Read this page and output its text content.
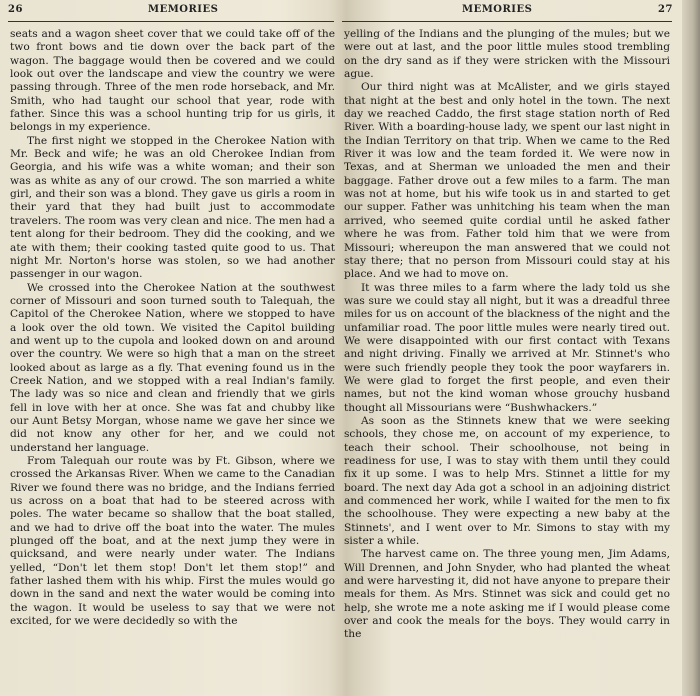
26	MEMORIES

seats and a wagon sheet cover that we could take off of the two front bows and tie down over the back part of the wagon. The baggage would then be covered and we could look out over the landscape and view the country we were passing through. Three of the men rode horseback, and Mr. Smith, who had taught our school that year, rode with father. Since this was a school hunting trip for us girls, it belongs in my experience.

The first night we stopped in the Cherokee Nation with Mr. Beck and wife; he was an old Cherokee Indian from Georgia, and his wife was a white woman; and their son was as white as any of our crowd. The son married a white girl, and their son was a blond. They gave us girls a room in their yard that they had built just to accommodate travelers. The room was very clean and nice. The men had a tent along for their bedroom. They did the cooking, and we ate with them; their cooking tasted quite good to us. That night Mr. Norton's horse was stolen, so we had another passenger in our wagon.

We crossed into the Cherokee Nation at the southwest corner of Missouri and soon turned south to Talequah, the Capitol of the Cherokee Nation, where we stopped to have a look over the old town. We visited the Capitol building and went up to the cupola and looked down on and around over the country. We were so high that a man on the street looked about as large as a fly. That evening found us in the Creek Nation, and we stopped with a real Indian's family. The lady was so nice and clean and friendly that we girls fell in love with her at once. She was fat and chubby like our Aunt Betsy Morgan, whose name we gave her since we did not know any other for her, and we could not understand her language.

From Talequah our route was by Ft. Gibson, where we crossed the Arkansas River. When we came to the Canadian River we found there was no bridge, and the Indians ferried us across on a boat that had to be steered across with poles. The water became so shallow that the boat stalled, and we had to drive off the boat into the water. The mules plunged off the boat, and at the next jump they were in quicksand, and were nearly under water. The Indians yelled, “Don't let them stop! Don't let them stop!” and father lashed them with his whip. First the mules would go down in the sand and next the water would be coming into the wagon. It would be useless to say that we were not excited, for we were decidedly so with the

MEMORIES	27

yelling of the Indians and the plunging of the mules; but we were out at last, and the poor little mules stood trembling on the dry sand as if they were stricken with the Missouri ague.

Our third night was at McAlister, and we girls stayed that night at the best and only hotel in the town. The next day we reached Caddo, the first stage station north of Red River. With a boarding-house lady, we spent our last night in the Indian Territory on that trip. When we came to the Red River it was low and the team forded it. We were now in Texas, and at Sherman we unloaded the men and their baggage. Father drove out a few miles to a farm. The man was not at home, but his wife took us in and started to get our supper. Father was unhitching his team when the man arrived, who seemed quite cordial until he asked father where he was from. Father told him that we were from Missouri; whereupon the man answered that we could not stay there; that no person from Missouri could stay at his place. And we had to move on.

It was three miles to a farm where the lady told us she was sure we could stay all night, but it was a dreadful three miles for us on account of the blackness of the night and the unfamiliar road. The poor little mules were nearly tired out. We were disappointed with our first contact with Texans and night driving. Finally we arrived at Mr. Stinnet's who were such friendly people they took the poor wayfarers in. We were glad to forget the first people, and even their names, but not the kind woman whose grouchy husband thought all Missourians were “Bushwhackers.”

As soon as the Stinnets knew that we were seeking schools, they chose me, on account of my experience, to teach their school. Their schoolhouse, not being in readiness for use, I was to stay with them until they could fix it up some. I was to help Mrs. Stinnet a little for my board. The next day Ada got a school in an adjoining district and commenced her work, while I waited for the men to fix the schoolhouse. They were expecting a new baby at the Stinnets', and I went over to Mr. Simons to stay with my sister a while.

The harvest came on. The three young men, Jim Adams, Will Drennen, and John Snyder, who had planted the wheat and were harvesting it, did not have anyone to prepare their meals for them. As Mrs. Stinnet was sick and could get no help, she wrote me a note asking me if I would please come over and cook the meals for the boys. They would carry in the
